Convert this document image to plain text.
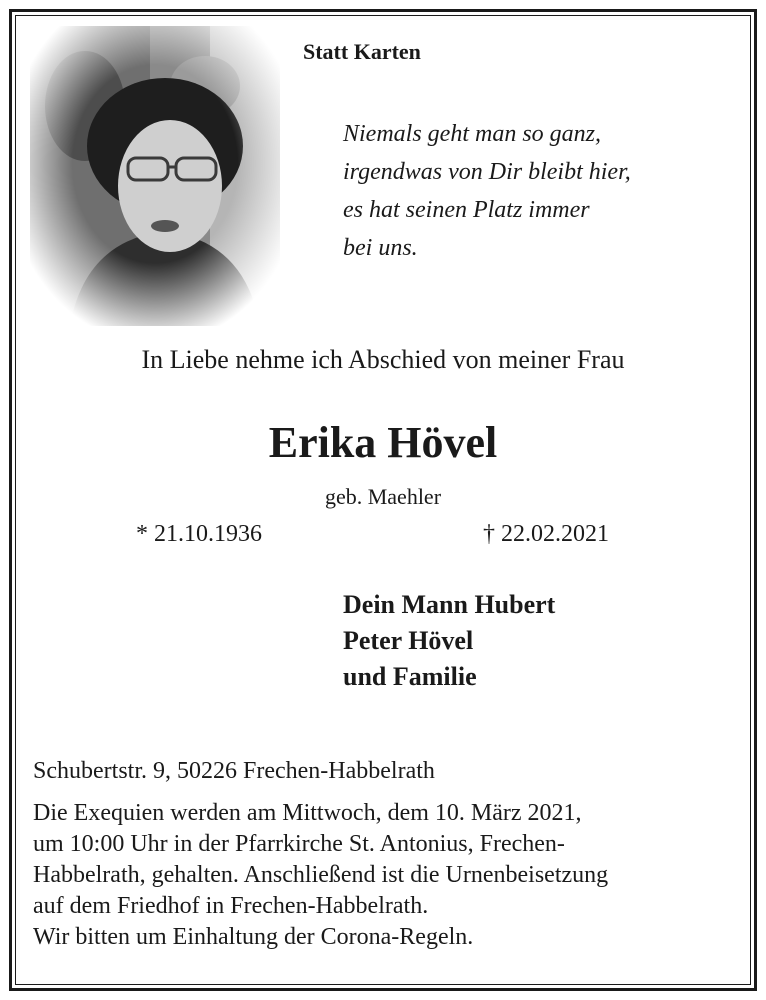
Statt Karten
Niemals geht man so ganz,
irgendwas von Dir bleibt hier,
es hat seinen Platz immer
bei uns.
In Liebe nehme ich Abschied von meiner Frau
Erika Hövel
geb. Maehler
* 21.10.1936	† 22.02.2021
Dein Mann Hubert
Peter Hövel
und Familie
Schubertstr. 9, 50226 Frechen-Habbelrath
Die Exequien werden am Mittwoch, dem 10. März 2021,
um 10:00 Uhr in der Pfarrkirche St. Antonius, Frechen-
Habbelrath, gehalten. Anschließend ist die Urnenbeisetzung
auf dem Friedhof in Frechen-Habbelrath.
Wir bitten um Einhaltung der Corona-Regeln.
